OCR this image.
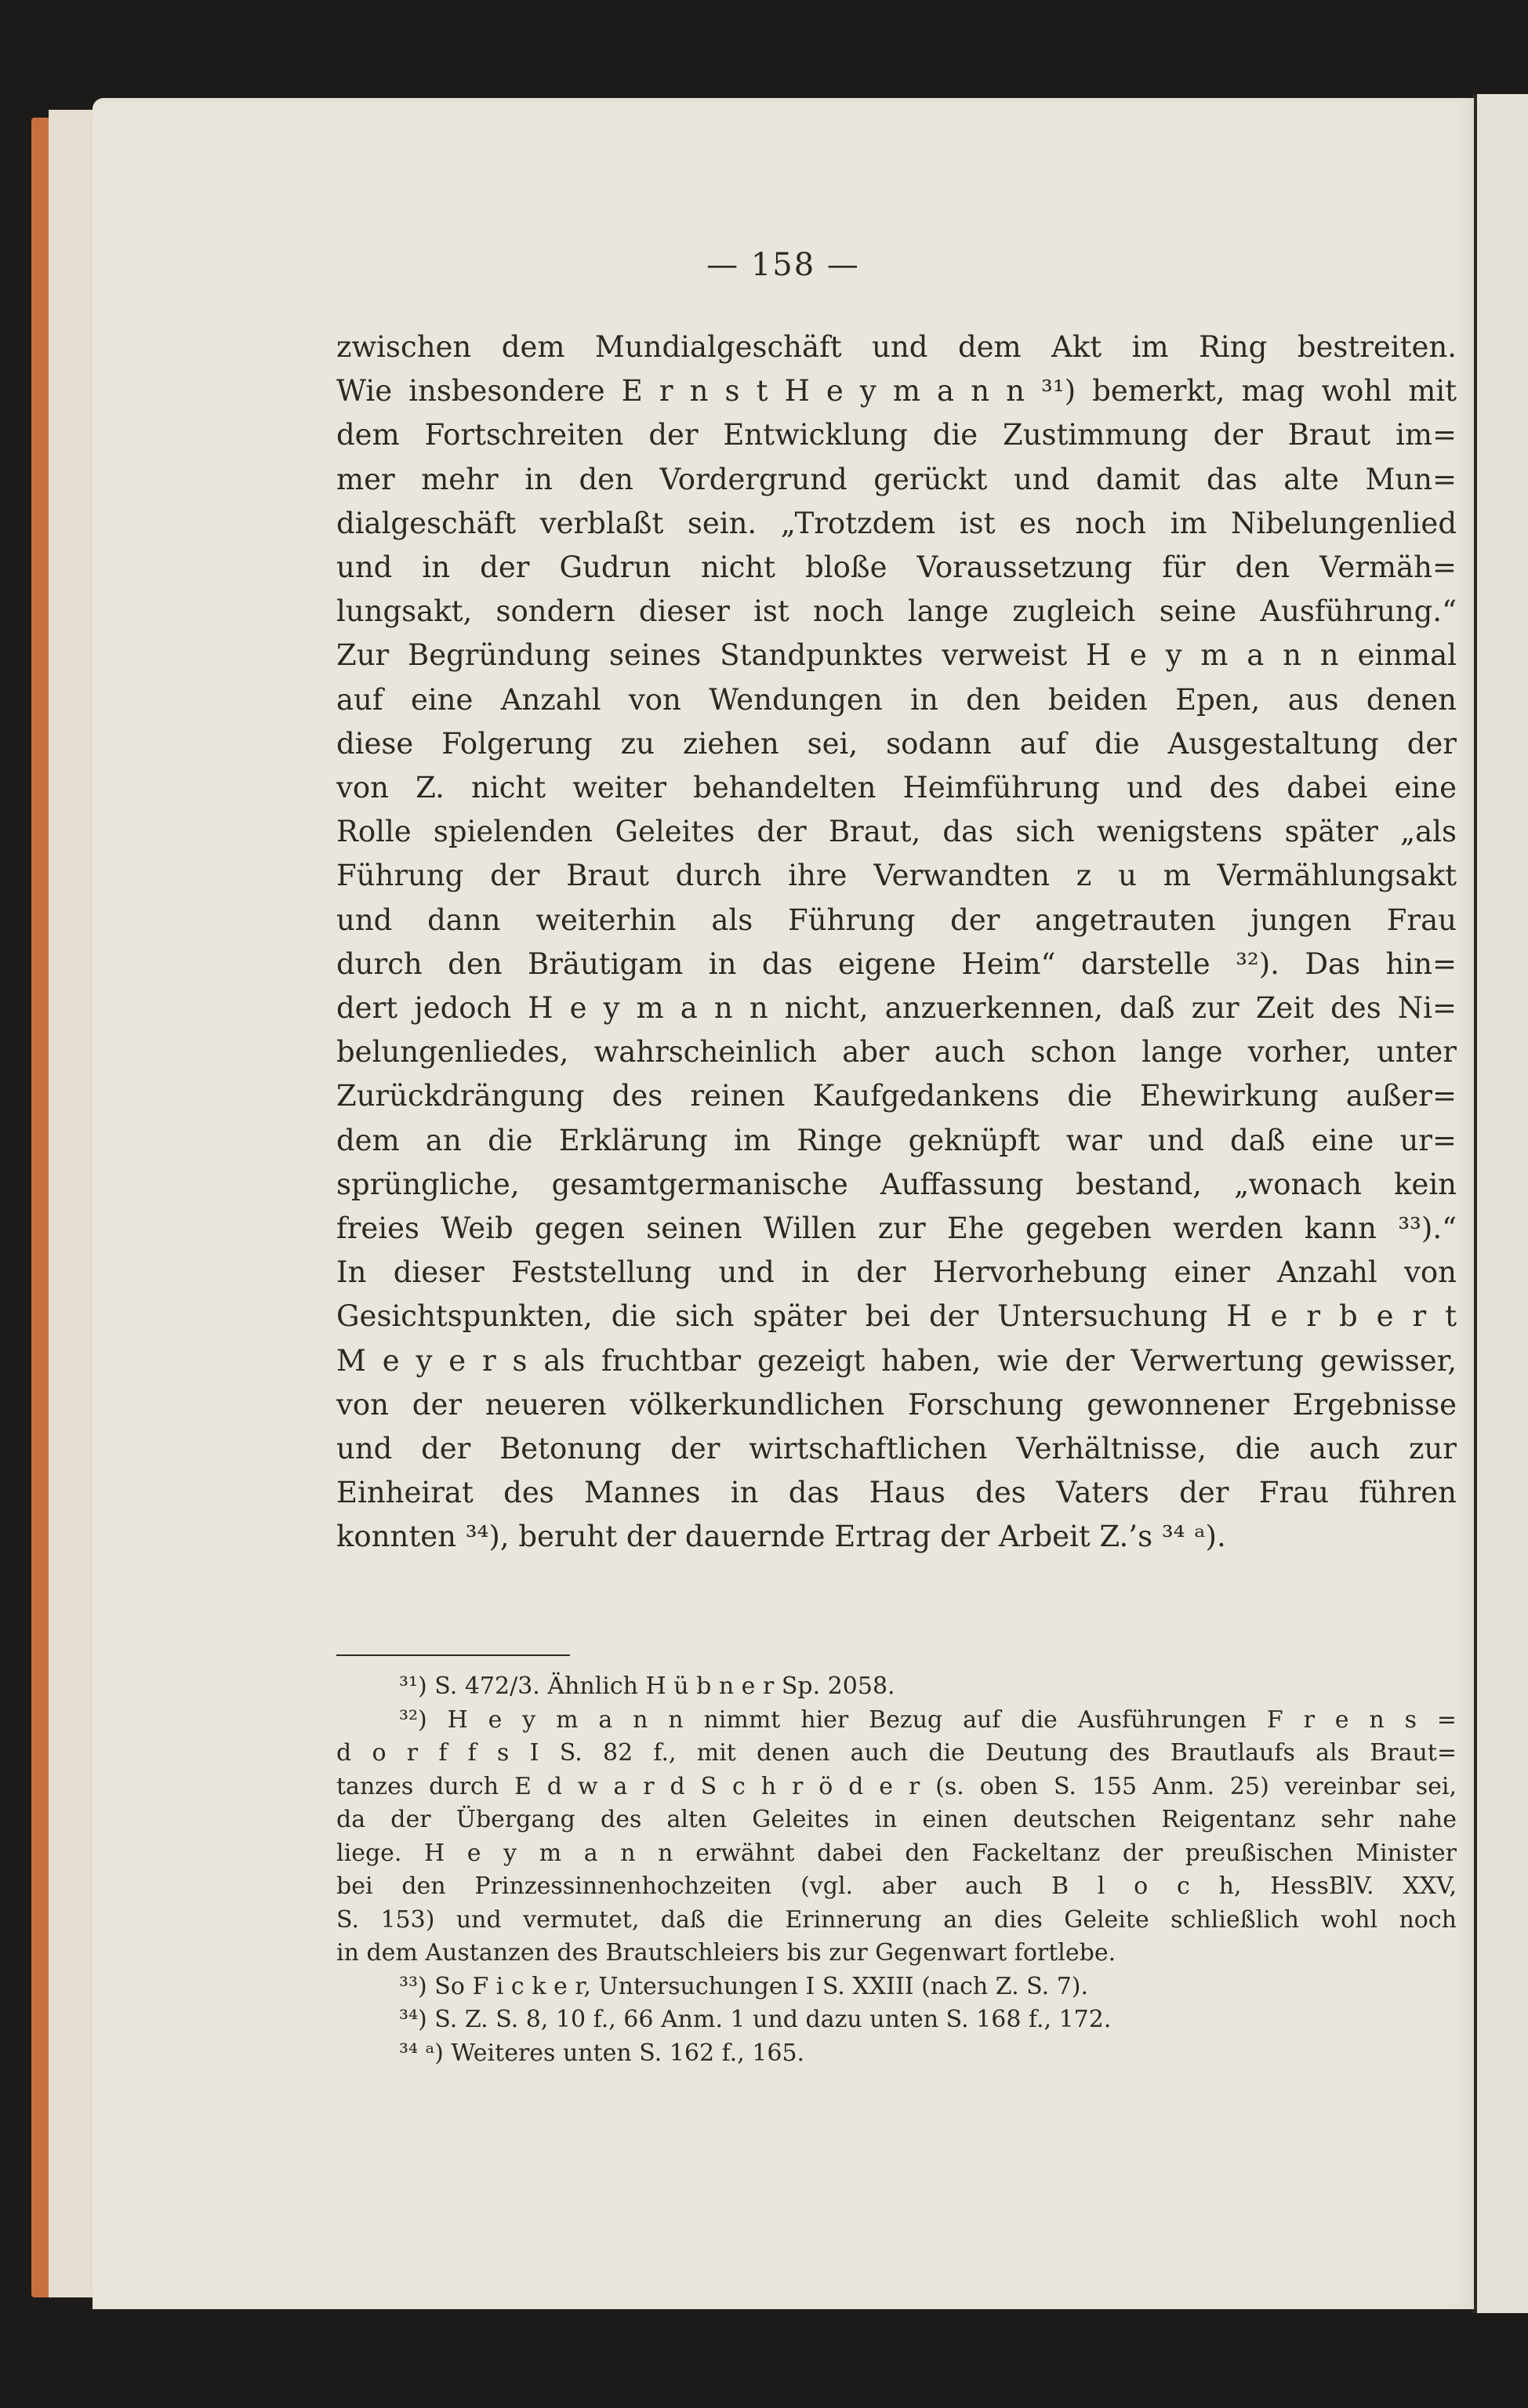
— 158 —
zwischen dem Mundialgeschäft und dem Akt im Ring bestreiten.
Wie insbesondere E r n s t H e y m a n n ³¹) bemerkt, mag wohl mit
dem Fortschreiten der Entwicklung die Zustimmung der Braut im=
mer mehr in den Vordergrund gerückt und damit das alte Mun=
dialgeschäft verblaßt sein. „Trotzdem ist es noch im Nibelungenlied
und in der Gudrun nicht bloße Voraussetzung für den Vermäh=
lungsakt, sondern dieser ist noch lange zugleich seine Ausführung.“
Zur Begründung seines Standpunktes verweist H e y m a n n einmal
auf eine Anzahl von Wendungen in den beiden Epen, aus denen
diese Folgerung zu ziehen sei, sodann auf die Ausgestaltung der
von Z. nicht weiter behandelten Heimführung und des dabei eine
Rolle spielenden Geleites der Braut, das sich wenigstens später „als
Führung der Braut durch ihre Verwandten z u m Vermählungsakt
und dann weiterhin als Führung der angetrauten jungen Frau
durch den Bräutigam in das eigene Heim“ darstelle ³²). Das hin=
dert jedoch H e y m a n n nicht, anzuerkennen, daß zur Zeit des Ni=
belungenliedes, wahrscheinlich aber auch schon lange vorher, unter
Zurückdrängung des reinen Kaufgedankens die Ehewirkung außer=
dem an die Erklärung im Ringe geknüpft war und daß eine ur=
sprüngliche, gesamtgermanische Auffassung bestand, „wonach kein
freies Weib gegen seinen Willen zur Ehe gegeben werden kann ³³).“
In dieser Feststellung und in der Hervorhebung einer Anzahl von
Gesichtspunkten, die sich später bei der Untersuchung H e r b e r t
M e y e r s als fruchtbar gezeigt haben, wie der Verwertung gewisser,
von der neueren völkerkundlichen Forschung gewonnener Ergebnisse
und der Betonung der wirtschaftlichen Verhältnisse, die auch zur
Einheirat des Mannes in das Haus des Vaters der Frau führen
konnten ³⁴), beruht der dauernde Ertrag der Arbeit Z.’s ³⁴ ᵃ).
³¹) S. 472/3. Ähnlich H ü b n e r Sp. 2058.
³²) H e y m a n n nimmt hier Bezug auf die Ausführungen F r e n s =
d o r f f s I S. 82 f., mit denen auch die Deutung des Brautlaufs als Braut=
tanzes durch E d w a r d S c h r ö d e r (s. oben S. 155 Anm. 25) vereinbar sei,
da der Übergang des alten Geleites in einen deutschen Reigentanz sehr nahe
liege. H e y m a n n erwähnt dabei den Fackeltanz der preußischen Minister
bei den Prinzessinnenhochzeiten (vgl. aber auch B l o c h, HessBlV. XXV,
S. 153) und vermutet, daß die Erinnerung an dies Geleite schließlich wohl noch
in dem Austanzen des Brautschleiers bis zur Gegenwart fortlebe.
³³) So F i c k e r, Untersuchungen I S. XXIII (nach Z. S. 7).
³⁴) S. Z. S. 8, 10 f., 66 Anm. 1 und dazu unten S. 168 f., 172.
³⁴ ᵃ) Weiteres unten S. 162 f., 165.
